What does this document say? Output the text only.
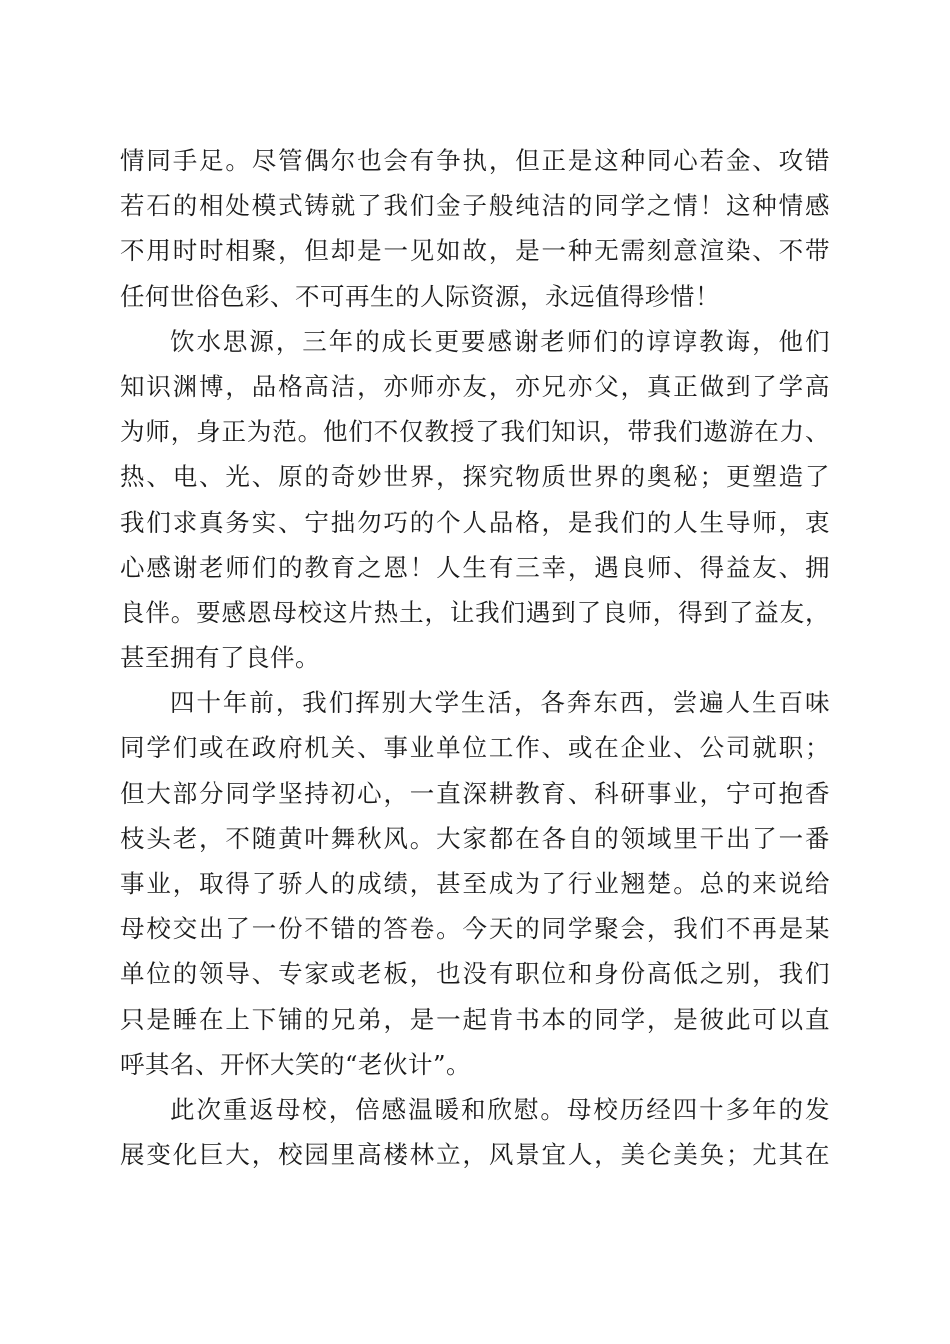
情同手足。尽管偶尔也会有争执，但正是这种同心若金、攻错
若石的相处模式铸就了我们金子般纯洁的同学之情！这种情感
不用时时相聚，但却是一见如故，是一种无需刻意渲染、不带
任何世俗色彩、不可再生的人际资源，永远值得珍惜！
饮水思源，三年的成长更要感谢老师们的谆谆教诲，他们
知识渊博，品格高洁，亦师亦友，亦兄亦父，真正做到了学高
为师，身正为范。他们不仅教授了我们知识，带我们遨游在力、
热、电、光、原的奇妙世界，探究物质世界的奥秘；更塑造了
我们求真务实、宁拙勿巧的个人品格，是我们的人生导师，衷
心感谢老师们的教育之恩！人生有三幸，遇良师、得益友、拥
良伴。要感恩母校这片热土，让我们遇到了良师，得到了益友，
甚至拥有了良伴。
四十年前，我们挥别大学生活，各奔东西，尝遍人生百味
同学们或在政府机关、事业单位工作、或在企业、公司就职；
但大部分同学坚持初心，一直深耕教育、科研事业，宁可抱香
枝头老，不随黄叶舞秋风。大家都在各自的领域里干出了一番
事业，取得了骄人的成绩，甚至成为了行业翘楚。总的来说给
母校交出了一份不错的答卷。今天的同学聚会，我们不再是某
单位的领导、专家或老板，也没有职位和身份高低之别，我们
只是睡在上下铺的兄弟，是一起肯书本的同学，是彼此可以直
呼其名、开怀大笑的“老伙计”。
此次重返母校，倍感温暖和欣慰。母校历经四十多年的发
展变化巨大，校园里高楼林立，风景宜人，美仑美奂；尤其在
